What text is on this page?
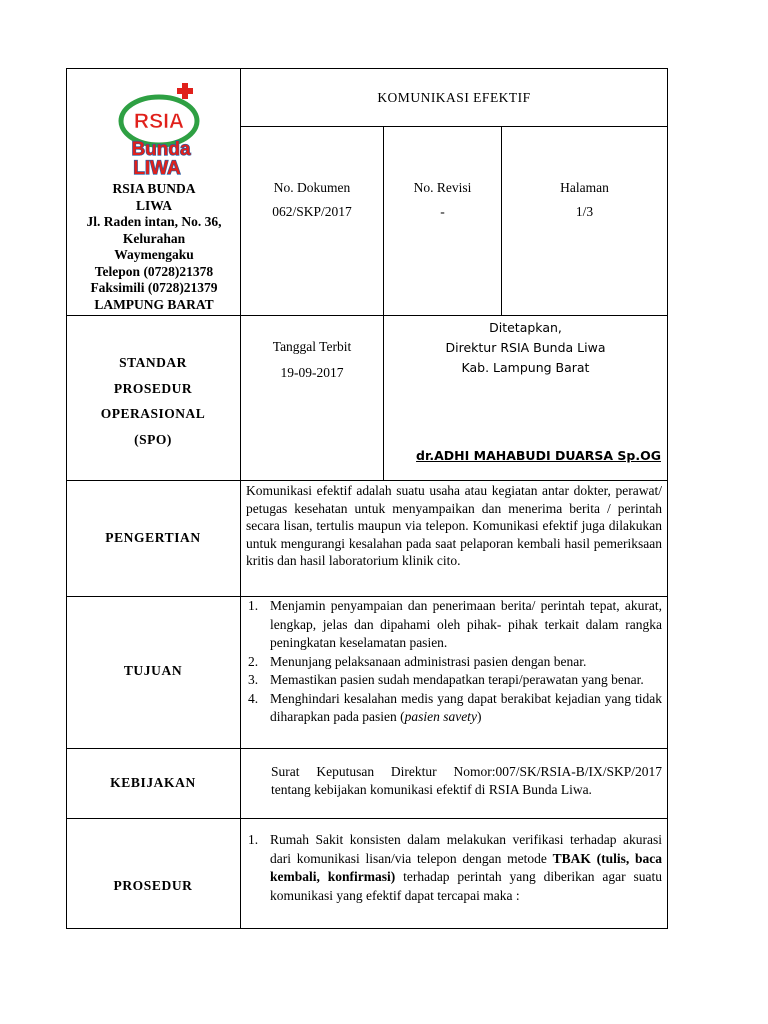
RSIA
Bunda
LIWA
RSIA BUNDA
LIWA
Jl. Raden intan, No. 36,
Kelurahan
Waymengaku
Telepon (0728)21378
Faksimili (0728)21379
LAMPUNG BARAT
KOMUNIKASI EFEKTIF
No. Dokumen
062/SKP/2017
No. Revisi
-
Halaman
1/3
STANDAR
PROSEDUR
OPERASIONAL
(SPO)
Tanggal Terbit
19-09-2017
Ditetapkan,
Direktur RSIA Bunda Liwa
Kab. Lampung Barat
dr.ADHI MAHABUDI DUARSA Sp.OG
PENGERTIAN
Komunikasi efektif adalah suatu usaha atau kegiatan antar dokter, perawat/ petugas kesehatan untuk menyampaikan dan menerima berita / perintah secara lisan, tertulis maupun via telepon. Komunikasi efektif juga dilakukan untuk mengurangi kesalahan pada saat pelaporan kembali hasil pemeriksaan kritis dan hasil laboratorium klinik cito.
TUJUAN
1. Menjamin penyampaian dan penerimaan berita/ perintah tepat, akurat, lengkap, jelas dan dipahami oleh pihak- pihak terkait dalam rangka peningkatan keselamatan pasien.
2. Menunjang pelaksanaan administrasi pasien dengan benar.
3. Memastikan pasien sudah mendapatkan terapi/perawatan yang benar.
4. Menghindari kesalahan medis yang dapat berakibat kejadian yang tidak diharapkan pada pasien (pasien savety)
KEBIJAKAN
Surat Keputusan Direktur Nomor:007/SK/RSIA-B/IX/SKP/2017 tentang kebijakan komunikasi efektif di RSIA Bunda Liwa.
PROSEDUR
1. Rumah Sakit konsisten dalam melakukan verifikasi terhadap akurasi dari komunikasi lisan/via telepon dengan metode TBAK (tulis, baca kembali, konfirmasi) terhadap perintah yang diberikan agar suatu komunikasi yang efektif dapat tercapai maka :
